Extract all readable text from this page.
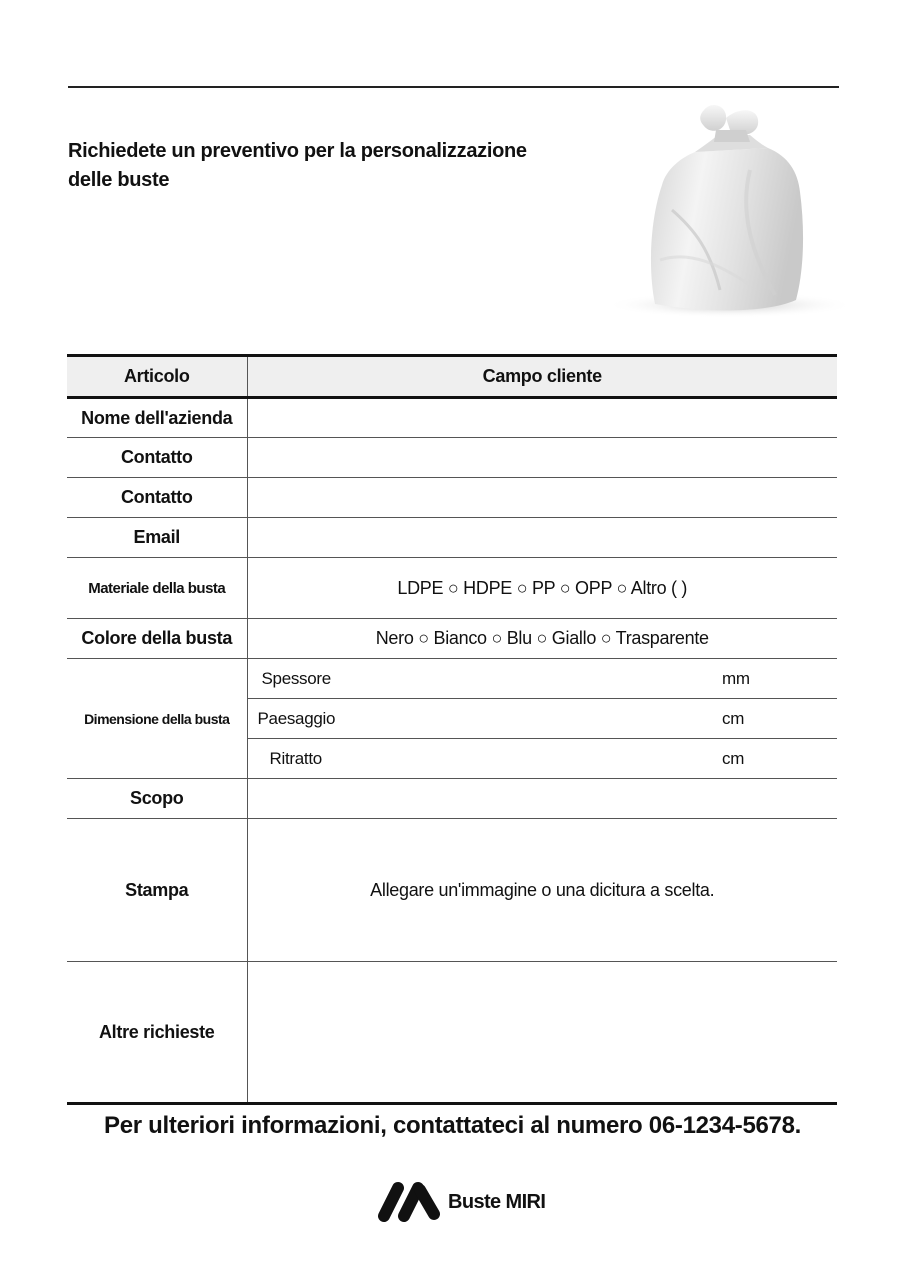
Richiedete un preventivo per la personalizzazione
delle buste
Articolo	Campo cliente
Nome dell'azienda	
Contatto	
Contatto	
Email	
Materiale della busta	LDPE ○ HDPE ○ PP ○ OPP ○ Altro ( )
Colore della busta	Nero ○ Bianco ○ Blu ○ Giallo ○ Trasparente
Dimensione della busta	Spessore mm

	Paesaggio cm

	Ritratto cm

Scopo	
Stampa	Allegare un'immagine o una dicitura a scelta.
Altre richieste	
Per ulteriori informazioni, contattateci al numero 06-1234-5678.
Buste MIRI
